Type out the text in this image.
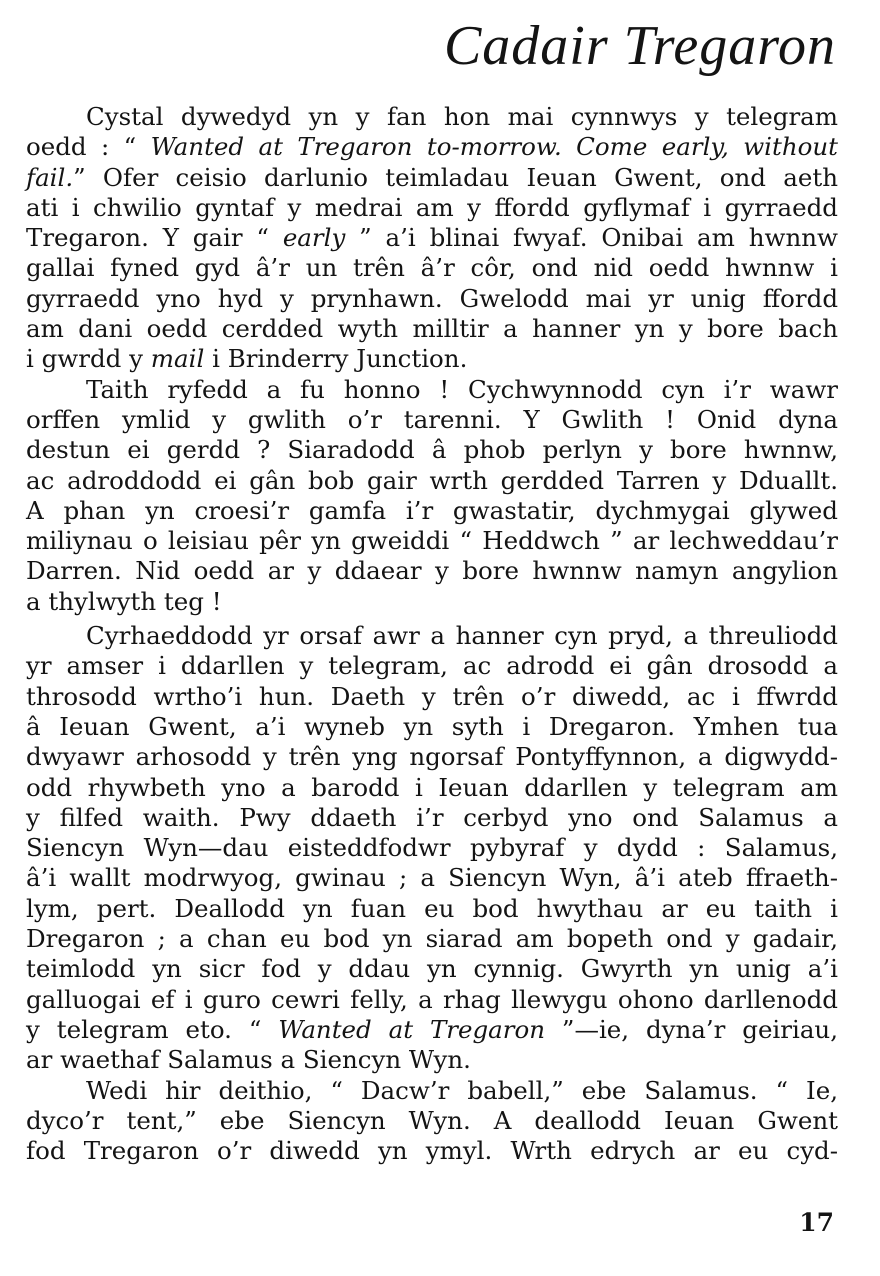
Cadair Tregaron
Cystal dywedyd yn y fan hon mai cynnwys y telegram
oedd : “ Wanted at Tregaron to-morrow. Come early, without
fail.” Ofer ceisio darlunio teimladau Ieuan Gwent, ond aeth
ati i chwilio gyntaf y medrai am y ffordd gyflymaf i gyrraedd
Tregaron. Y gair “ early ” a’i blinai fwyaf. Onibai am hwnnw
gallai fyned gyd â’r un trên â’r côr, ond nid oedd hwnnw i
gyrraedd yno hyd y prynhawn. Gwelodd mai yr unig ffordd
am dani oedd cerdded wyth milltir a hanner yn y bore bach
i gwrdd y mail i Brinderry Junction.
Taith ryfedd a fu honno ! Cychwynnodd cyn i’r wawr
orffen ymlid y gwlith o’r tarenni. Y Gwlith ! Onid dyna
destun ei gerdd ? Siaradodd â phob perlyn y bore hwnnw,
ac adroddodd ei gân bob gair wrth gerdded Tarren y Dduallt.
A phan yn croesi’r gamfa i’r gwastatir, dychmygai glywed
miliynau o leisiau pêr yn gweiddi “ Heddwch ” ar lechweddau’r
Darren. Nid oedd ar y ddaear y bore hwnnw namyn angylion
a thylwyth teg !
Cyrhaeddodd yr orsaf awr a hanner cyn pryd, a threuliodd
yr amser i ddarllen y telegram, ac adrodd ei gân drosodd a
throsodd wrtho’i hun. Daeth y trên o’r diwedd, ac i ffwrdd
â Ieuan Gwent, a’i wyneb yn syth i Dregaron. Ymhen tua
dwyawr arhosodd y trên yng ngorsaf Pontyffynnon, a digwydd-
odd rhywbeth yno a barodd i Ieuan ddarllen y telegram am
y filfed waith. Pwy ddaeth i’r cerbyd yno ond Salamus a
Siencyn Wyn—dau eisteddfodwr pybyraf y dydd : Salamus,
â’i wallt modrwyog, gwinau ; a Siencyn Wyn, â’i ateb ffraeth-
lym, pert. Deallodd yn fuan eu bod hwythau ar eu taith i
Dregaron ; a chan eu bod yn siarad am bopeth ond y gadair,
teimlodd yn sicr fod y ddau yn cynnig. Gwyrth yn unig a’i
galluogai ef i guro cewri felly, a rhag llewygu ohono darllenodd
y telegram eto. “ Wanted at Tregaron ”—ie, dyna’r geiriau,
ar waethaf Salamus a Siencyn Wyn.
Wedi hir deithio, “ Dacw’r babell,” ebe Salamus. “ Ie,
dyco’r tent,” ebe Siencyn Wyn. A deallodd Ieuan Gwent
fod Tregaron o’r diwedd yn ymyl. Wrth edrych ar eu cyd-
17
